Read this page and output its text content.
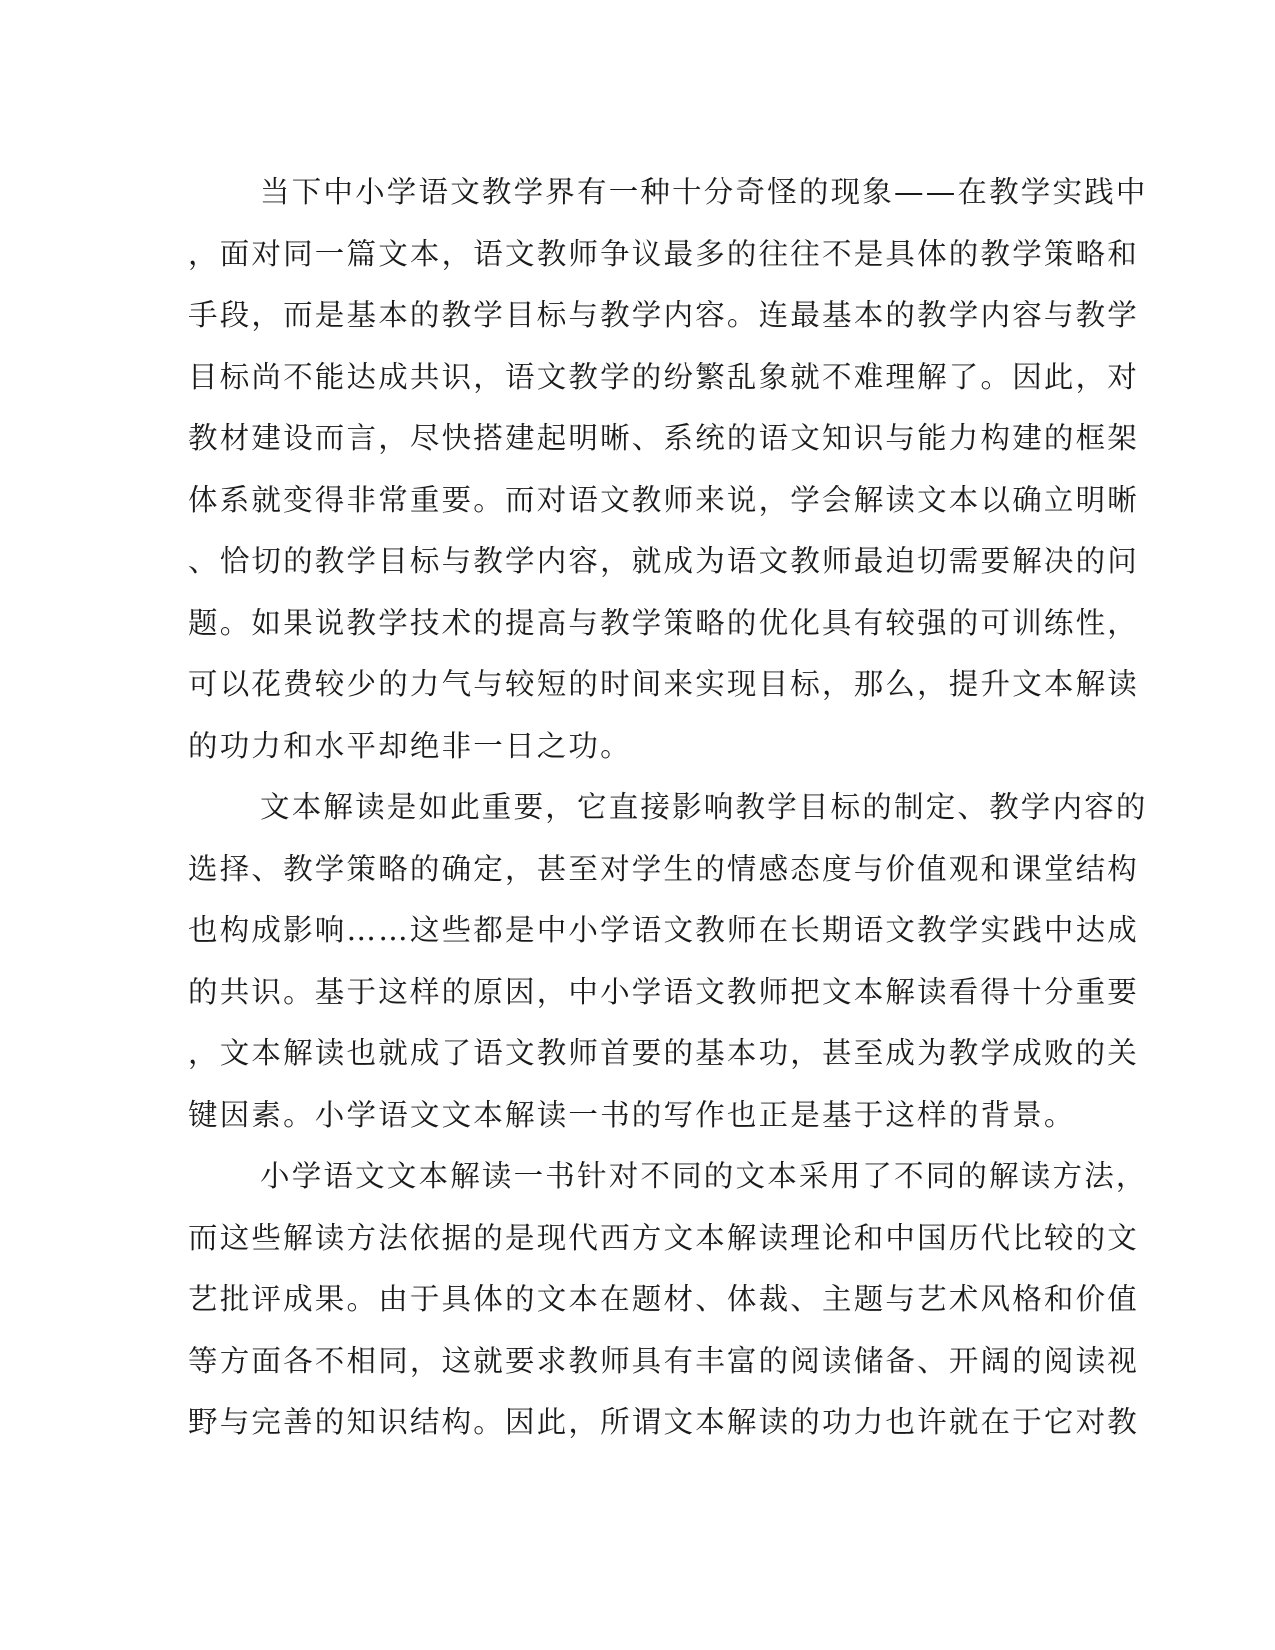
当下中小学语文教学界有一种十分奇怪的现象——在教学实践中
，面对同一篇文本，语文教师争议最多的往往不是具体的教学策略和
手段，而是基本的教学目标与教学内容。连最基本的教学内容与教学
目标尚不能达成共识，语文教学的纷繁乱象就不难理解了。因此，对
教材建设而言，尽快搭建起明晰、系统的语文知识与能力构建的框架
体系就变得非常重要。而对语文教师来说，学会解读文本以确立明晰
、恰切的教学目标与教学内容，就成为语文教师最迫切需要解决的问
题。如果说教学技术的提高与教学策略的优化具有较强的可训练性，
可以花费较少的力气与较短的时间来实现目标，那么，提升文本解读
的功力和水平却绝非一日之功。
文本解读是如此重要，它直接影响教学目标的制定、教学内容的
选择、教学策略的确定，甚至对学生的情感态度与价值观和课堂结构
也构成影响……这些都是中小学语文教师在长期语文教学实践中达成
的共识。基于这样的原因，中小学语文教师把文本解读看得十分重要
，文本解读也就成了语文教师首要的基本功，甚至成为教学成败的关
键因素。小学语文文本解读一书的写作也正是基于这样的背景。
小学语文文本解读一书针对不同的文本采用了不同的解读方法，
而这些解读方法依据的是现代西方文本解读理论和中国历代比较的文
艺批评成果。由于具体的文本在题材、体裁、主题与艺术风格和价值
等方面各不相同，这就要求教师具有丰富的阅读储备、开阔的阅读视
野与完善的知识结构。因此，所谓文本解读的功力也许就在于它对教
